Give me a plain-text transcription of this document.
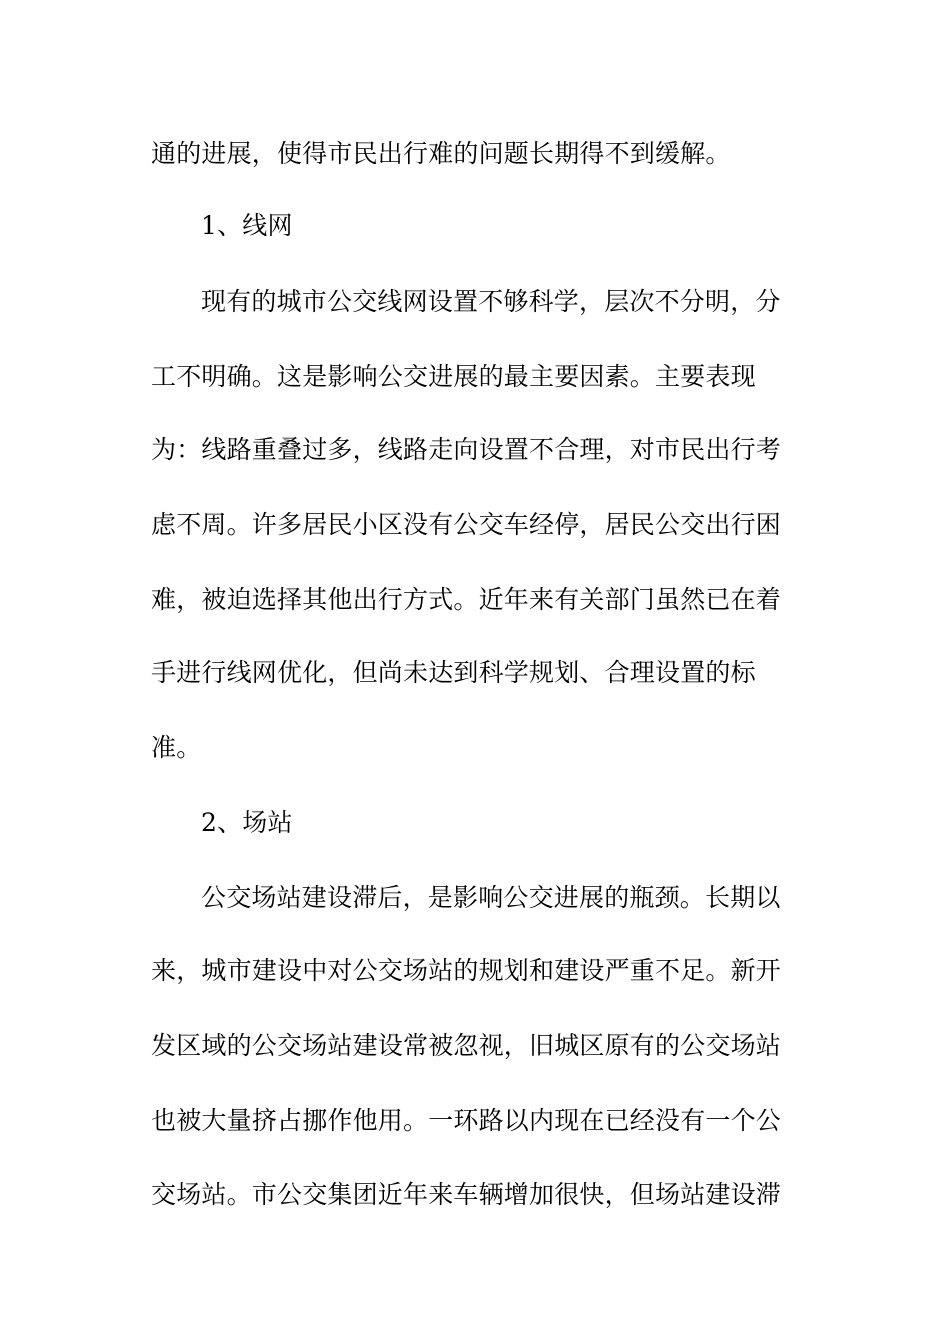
通的进展，使得市民出行难的问题长期得不到缓解。
1、线网
现有的城市公交线网设置不够科学，层次不分明，分
工不明确。这是影响公交进展的最主要因素。主要表现
为：线路重叠过多，线路走向设置不合理，对市民出行考
虑不周。许多居民小区没有公交车经停，居民公交出行困
难，被迫选择其他出行方式。近年来有关部门虽然已在着
手进行线网优化，但尚未达到科学规划、合理设置的标
准。
2、场站
公交场站建设滞后，是影响公交进展的瓶颈。长期以
来，城市建设中对公交场站的规划和建设严重不足。新开
发区域的公交场站建设常被忽视，旧城区原有的公交场站
也被大量挤占挪作他用。一环路以内现在已经没有一个公
交场站。市公交集团近年来车辆增加很快，但场站建设滞
